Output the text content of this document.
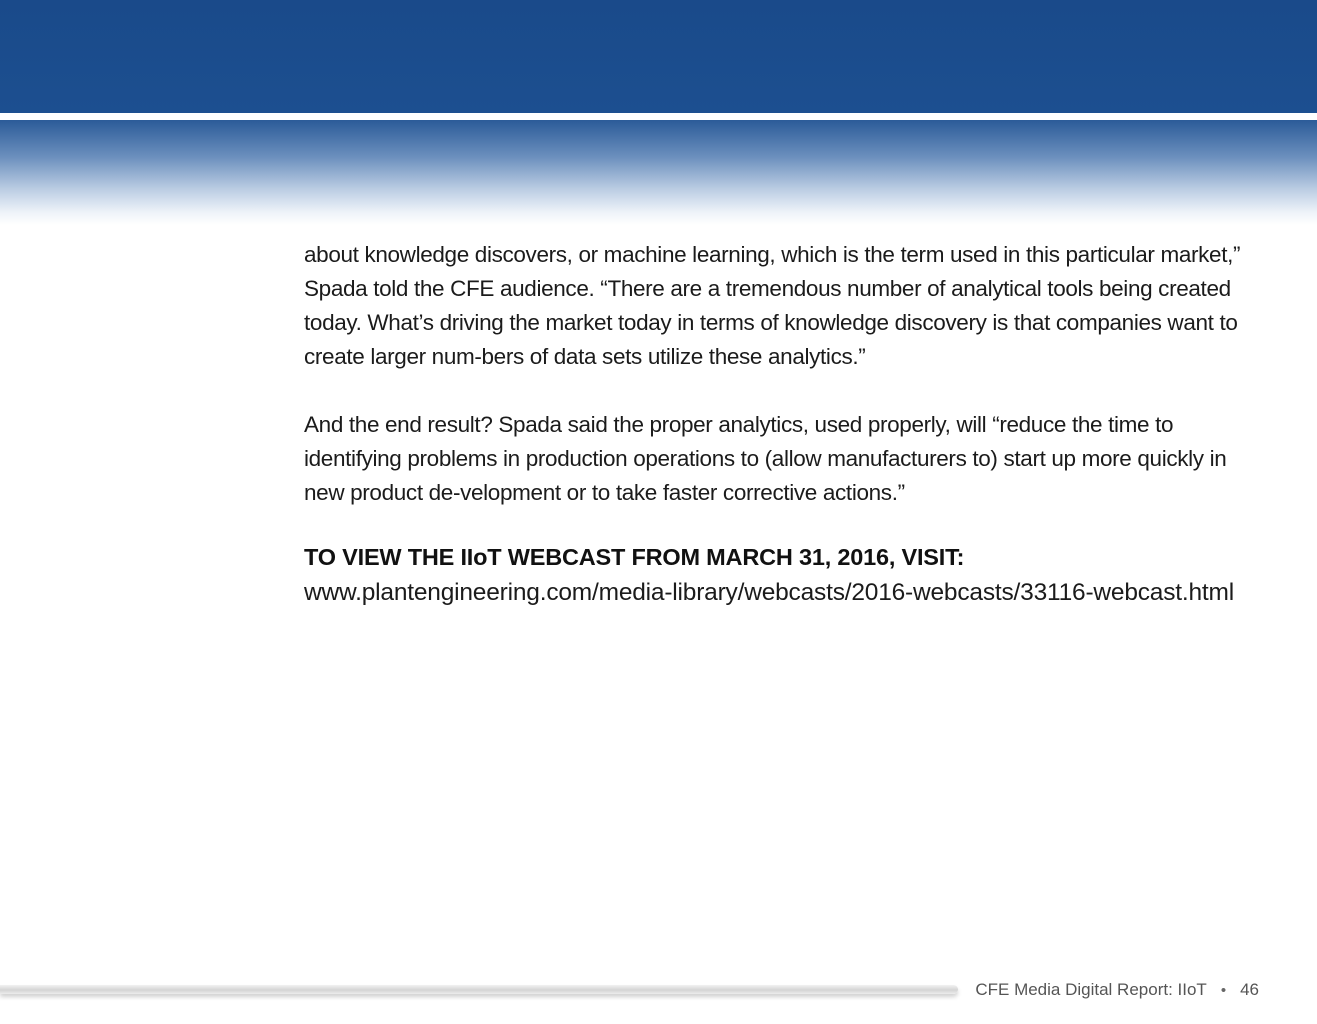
about knowledge discovers, or machine learning, which is the term used in this particular market,” Spada told the CFE audience. “There are a tremendous number of analytical tools being created today. What’s driving the market today in terms of knowledge discovery is that companies want to create larger num-bers of data sets utilize these analytics.”

And the end result? Spada said the proper analytics, used properly, will “reduce the time to identifying problems in production operations to (allow manufacturers to) start up more quickly in new product de-velopment or to take faster corrective actions.”

TO VIEW THE IIoT WEBCAST FROM MARCH 31, 2016, VISIT:

www.plantengineering.com/media-library/webcasts/2016-webcasts/33116-webcast.html
CFE Media Digital Report: IIoT • 46
